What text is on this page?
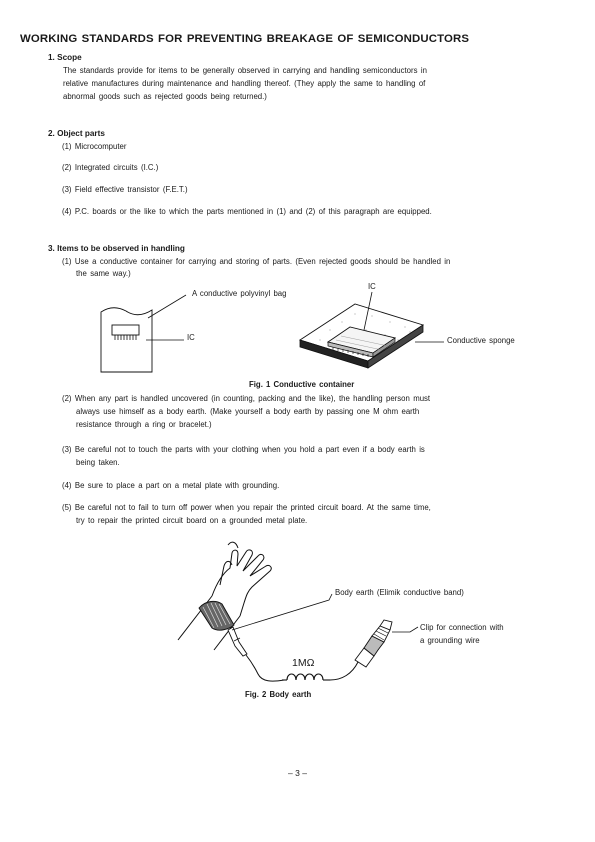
WORKING STANDARDS FOR PREVENTING BREAKAGE OF SEMICONDUCTORS
1. Scope
The standards provide for items to be generally observed in carrying and handling semiconductors in
relative manufactures during maintenance and handling thereof. (They apply the same to handling of
abnormal goods such as rejected goods being returned.)
2. Object parts
(1) Microcomputer
(2) Integrated circuits (I.C.)
(3) Field effective transistor (F.E.T.)
(4) P.C. boards or the like to which the parts mentioned in (1) and (2) of this paragraph are equipped.
3. Items to be observed in handling
(1) Use a conductive container for carrying and storing of parts. (Even rejected goods should be handled in
the same way.)
A conductive polyvinyl bag
IC
IC
Conductive sponge
Fig. 1 Conductive container
(2) When any part is handled uncovered (in counting, packing and the like), the handling person must
always use himself as a body earth. (Make yourself a body earth by passing one M ohm earth
resistance through a ring or bracelet.)
(3) Be careful not to touch the parts with your clothing when you hold a part even if a body earth is
being taken.
(4) Be sure to place a part on a metal plate with grounding.
(5) Be careful not to fail to turn off power when you repair the printed circuit board. At the same time,
try to repair the printed circuit board on a grounded metal plate.
Body earth (Elimik conductive band)
Clip for connection with
a grounding wire
1MΩ
Fig. 2 Body earth
– 3 –
